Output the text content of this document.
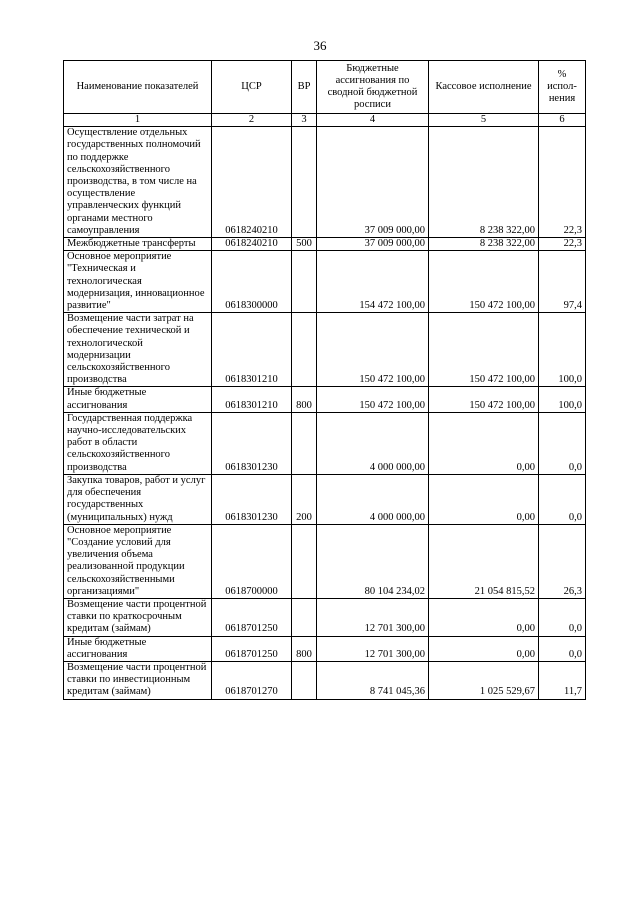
36
Наименование показателей	ЦСР	ВР	Бюджетные ассигнования по сводной бюджетной росписи	Кассовое исполнение	% испол-нения
1	2	3	4	5	6
Осуществление отдельных государственных полномочий по поддержке сельскохозяйственного производства, в том числе на осуществление управленческих функций органами местного самоуправления	0618240210		37 009 000,00	8 238 322,00	22,3
Межбюджетные трансферты	0618240210	500	37 009 000,00	8 238 322,00	22,3
Основное мероприятие "Техническая и технологическая модернизация, инновационное развитие"	0618300000		154 472 100,00	150 472 100,00	97,4
Возмещение части затрат на обеспечение технической и технологической модернизации сельскохозяйственного производства	0618301210		150 472 100,00	150 472 100,00	100,0
Иные бюджетные ассигнования	0618301210	800	150 472 100,00	150 472 100,00	100,0
Государственная поддержка научно-исследовательских работ в области сельскохозяйственного производства	0618301230		4 000 000,00	0,00	0,0
Закупка товаров, работ и услуг для обеспечения государственных (муниципальных) нужд	0618301230	200	4 000 000,00	0,00	0,0
Основное мероприятие "Создание условий для увеличения объема реализованной продукции сельскохозяйственными организациями"	0618700000		80 104 234,02	21 054 815,52	26,3
Возмещение части процентной ставки по краткосрочным кредитам (займам)	0618701250		12 701 300,00	0,00	0,0
Иные бюджетные ассигнования	0618701250	800	12 701 300,00	0,00	0,0
Возмещение части процентной ставки по инвестиционным кредитам (займам)	0618701270		8 741 045,36	1 025 529,67	11,7
